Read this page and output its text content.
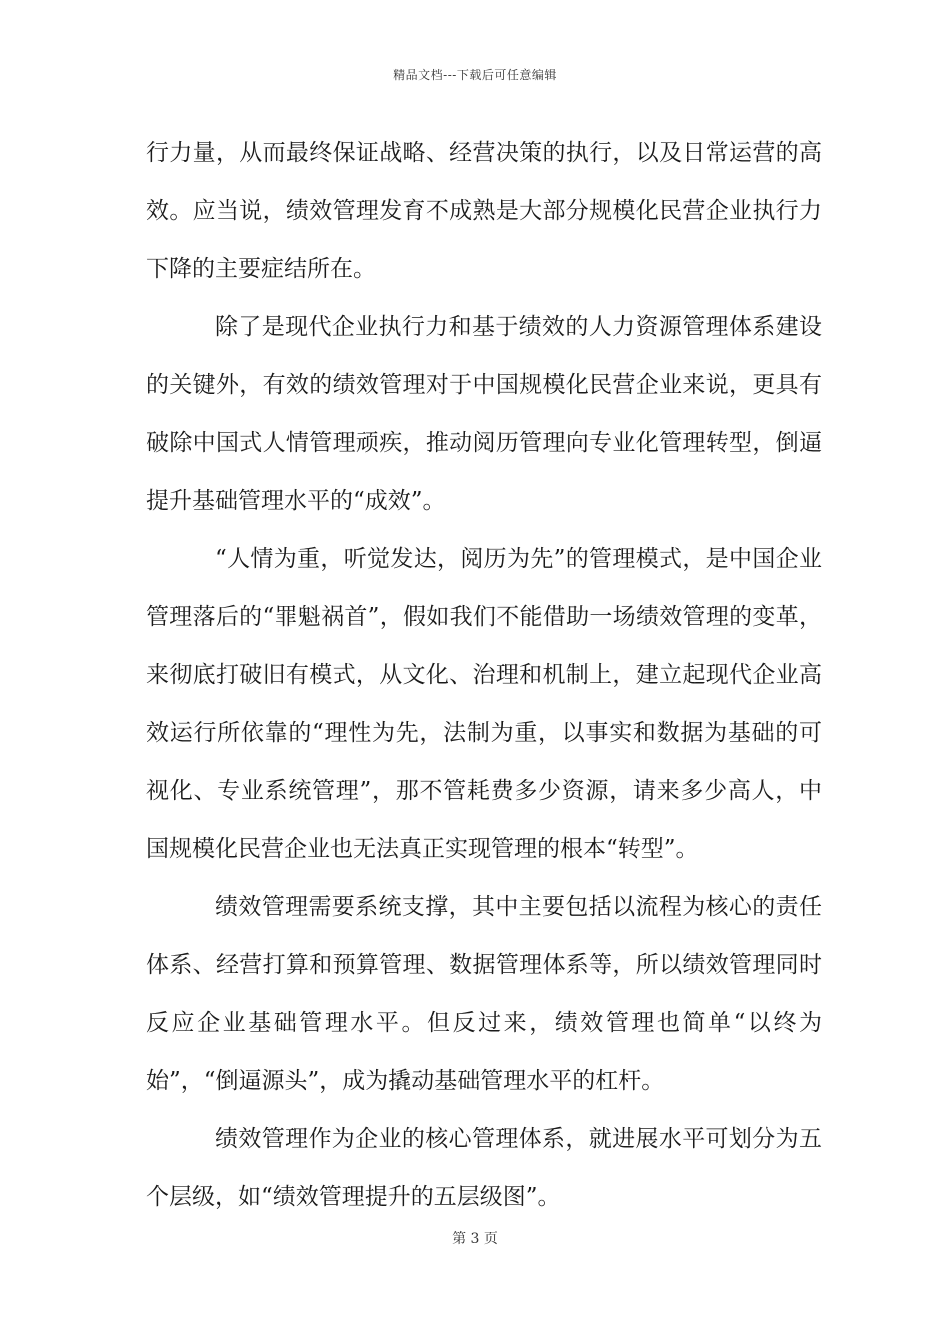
精品文档---下载后可任意编辑

行力量，从而最终保证战略、经营决策的执行，以及日常运营的高效。应当说，绩效管理发育不成熟是大部分规模化民营企业执行力下降的主要症结所在。

除了是现代企业执行力和基于绩效的人力资源管理体系建设的关键外，有效的绩效管理对于中国规模化民营企业来说，更具有破除中国式人情管理顽疾，推动阅历管理向专业化管理转型，倒逼提升基础管理水平的“成效”。

“人情为重，听觉发达，阅历为先”的管理模式，是中国企业管理落后的“罪魁祸首”，假如我们不能借助一场绩效管理的变革，来彻底打破旧有模式，从文化、治理和机制上，建立起现代企业高效运行所依靠的“理性为先，法制为重，以事实和数据为基础的可视化、专业系统管理”，那不管耗费多少资源，请来多少高人，中国规模化民营企业也无法真正实现管理的根本“转型”。

绩效管理需要系统支撑，其中主要包括以流程为核心的责任体系、经营打算和预算管理、数据管理体系等，所以绩效管理同时反应企业基础管理水平。但反过来，绩效管理也简单“以终为始”，“倒逼源头”，成为撬动基础管理水平的杠杆。

绩效管理作为企业的核心管理体系，就进展水平可划分为五个层级，如“绩效管理提升的五层级图”。

第 3 页
